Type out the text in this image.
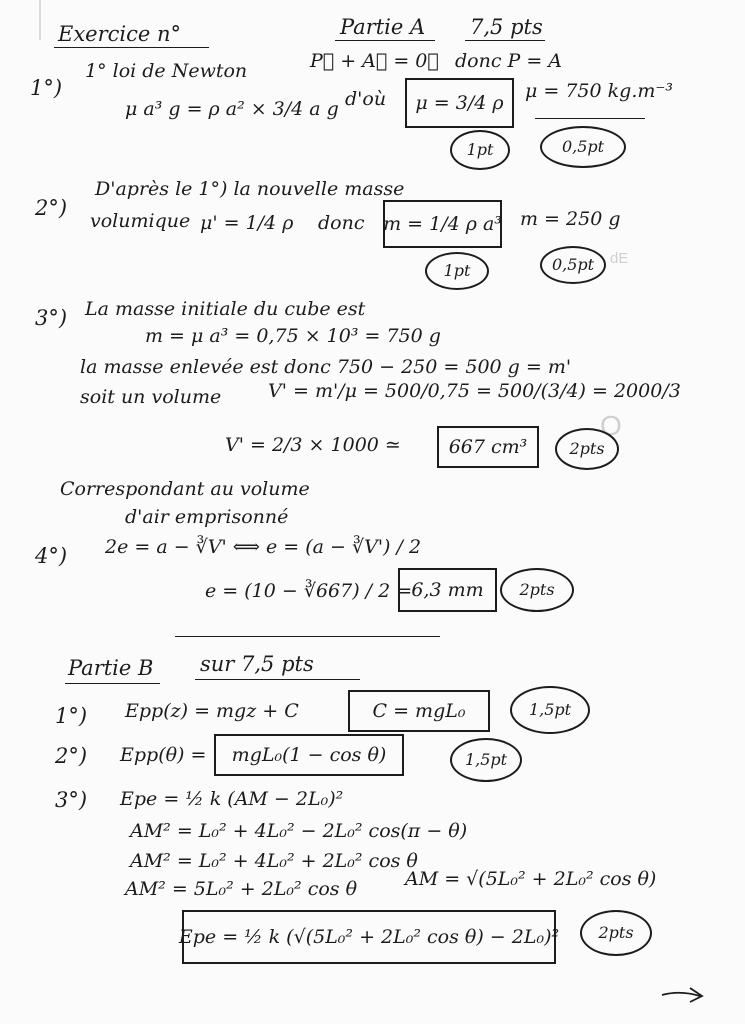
dE
O
Exercice n°	Partie A 7,5 pts
1°)
1° loi de Newton	P⃗ + A⃗ = 0⃗ donc P = A
μ a³ g = ρ a² × 3/4 a g d'où μ = 3/4 ρ
μ = 750 kg.m⁻³
1pt	0,5pt
2°)
D'après le 1°) la nouvelle masse
volumique μ' = 1/4 ρ donc m = 1/4 ρ a³ m = 250 g
1pt	0,5pt
3°) La masse initiale du cube est
m = μ a³ = 0,75 × 10³ = 750 g
la masse enlevée est donc 750 − 250 = 500 g = m'
soit un volume V' = m'/μ = 500/0,75 = 500/(3/4) = 2000/3
V' = 2/3 × 1000 ≃	667 cm³	2pts
Correspondant au volume
d'air emprisonné
4°) 2e = a − ∛V' ⟺ e = (a − ∛V') / 2
e = (10 − ∛667) / 2 = 6,3 mm 2pts
Partie B sur 7,5 pts
1°) Epp(z) = mgz + C	C = mgL₀	1,5pt
2°) Epp(θ) = mgL₀(1 − cos θ)	1,5pt
3°) Epe = ½ k (AM − 2L₀)²
AM² = L₀² + 4L₀² − 2L₀² cos(π − θ)
AM² = L₀² + 4L₀² + 2L₀² cos θ
AM² = 5L₀² + 2L₀² cos θ	AM = √(5L₀² + 2L₀² cos θ)
Epe = ½ k (√(5L₀² + 2L₀² cos θ) − 2L₀)² 2pts
